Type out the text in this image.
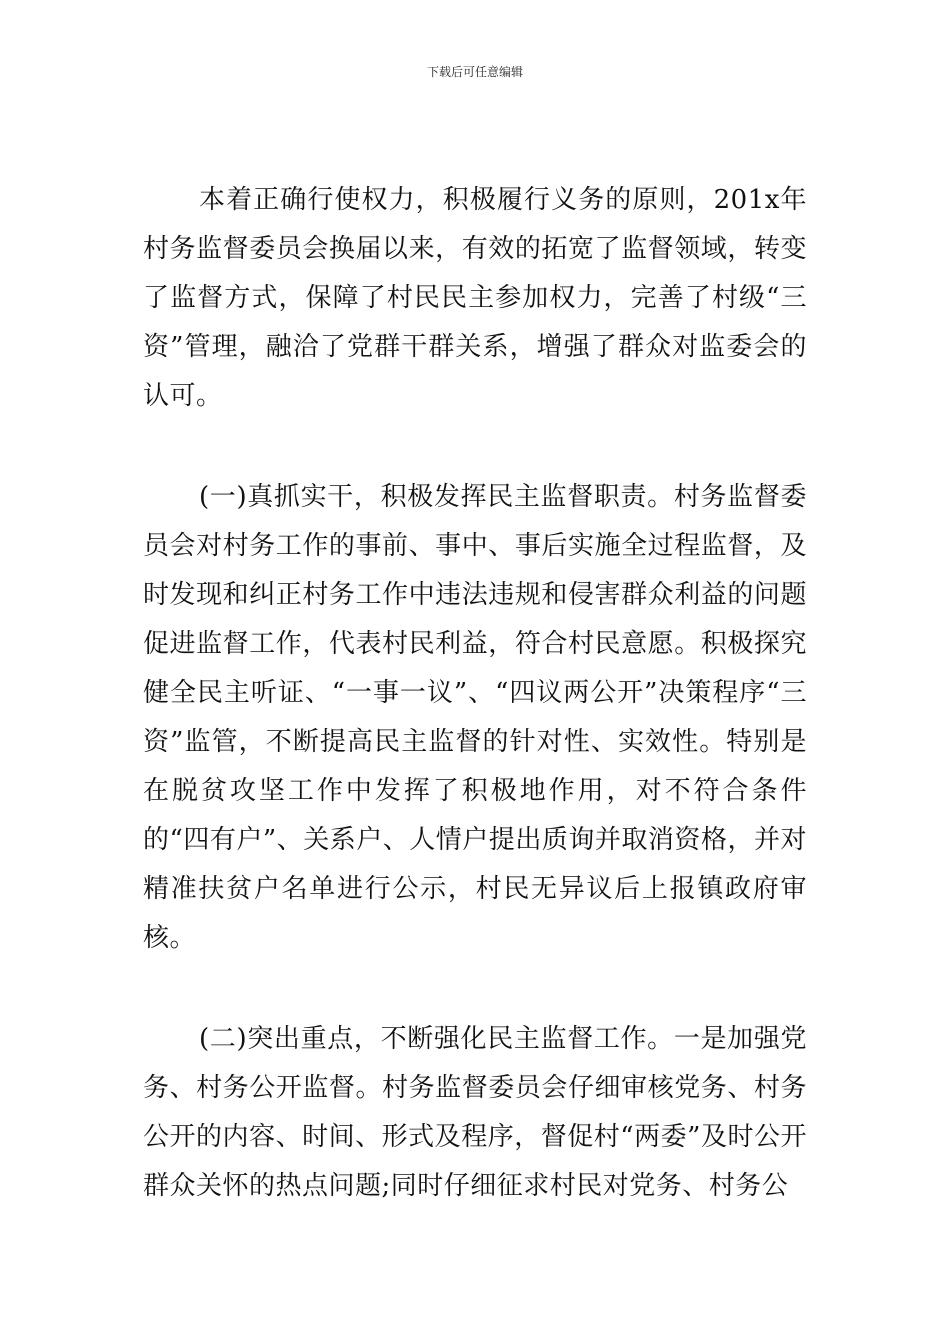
下载后可任意编辑

本着正确行使权力，积极履行义务的原则，201x年村务监督委员会换届以来，有效的拓宽了监督领域，转变了监督方式，保障了村民民主参加权力，完善了村级“三资”管理，融洽了党群干群关系，增强了群众对监委会的认可。

(一)真抓实干，积极发挥民主监督职责。村务监督委员会对村务工作的事前、事中、事后实施全过程监督，及时发现和纠正村务工作中违法违规和侵害群众利益的问题促进监督工作，代表村民利益，符合村民意愿。积极探究健全民主听证、“一事一议”、“四议两公开”决策程序“三资”监管，不断提高民主监督的针对性、实效性。特别是在脱贫攻坚工作中发挥了积极地作用，对不符合条件的“四有户”、关系户、人情户提出质询并取消资格，并对精准扶贫户名单进行公示，村民无异议后上报镇政府审核。

(二)突出重点，不断强化民主监督工作。一是加强党务、村务公开监督。村务监督委员会仔细审核党务、村务公开的内容、时间、形式及程序，督促村“两委”及时公开群众关怀的热点问题;同时仔细征求村民对党务、村务公
